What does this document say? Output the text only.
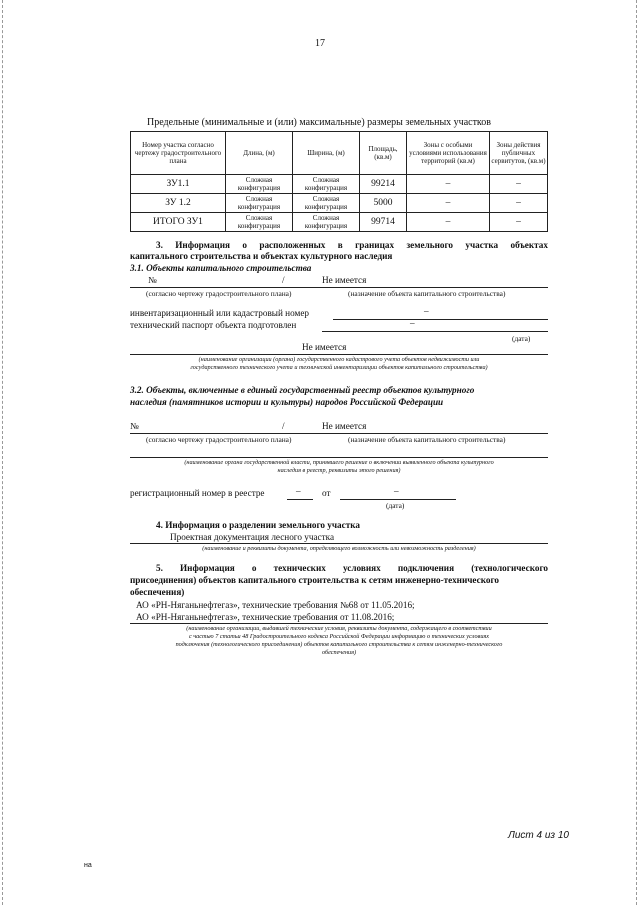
17
Предельные (минимальные и (или) максимальные) размеры земельных участков
Номер участка согласно чертежу градостроительного плана	Длина, (м)	Ширина, (м)	Площадь, (кв.м)	Зоны с особыми условиями использования территорий (кв.м)	Зоны действия публичных сервитутов, (кв.м)
ЗУ1.1	Сложная конфигурация	Сложная конфигурация	99214	–	–
ЗУ 1.2	Сложная конфигурация	Сложная конфигурация	5000	–	–
ИТОГО ЗУ1	Сложная конфигурация	Сложная конфигурация	99714	–	–
3. Информация о расположенных в границах земельного участка объектах
капитального строительства и объектах культурного наследия
3.1. Объекты капитального строительства
№	/	Не имеется
(согласно чертежу градостроительного плана)	(назначение объекта капитального строительства)
инвентаризационный или кадастровый номер	–
технический паспорт объекта подготовлен	–
(дата)
Не имеется
(наименование организации (органа) государственного кадастрового учета объектов недвижимости или
государственного технического учета и технической инвентаризации объектов капитального строительства)
3.2. Объекты, включенные в единый государственный реестр объектов культурного
наследия (памятников истории и культуры) народов Российской Федерации
№	/	Не имеется
(согласно чертежу градостроительного плана)	(назначение объекта капитального строительства)
(наименование органа государственной власти, принявшего решение о включении выявленного объекта культурного
наследия в реестр, реквизиты этого решения)
регистрационный номер в реестре	– от	–
(дата)
4. Информация о разделении земельного участка
Проектная документация лесного участка
(наименование и реквизиты документа, определяющего возможность или невозможность разделения)
5. Информация о технических условиях подключения (технологического
присоединения) объектов капитального строительства к сетям инженерно-технического
обеспечения)
АО «РН-Няганьнефтегаз», технические требования №68 от 11.05.2016;
АО «РН-Няганьнефтегаз», технические требования от 11.08.2016;
(наименование организации, выдавшей технические условия, реквизиты документа, содержащего в соответствии
с частью 7 статьи 48 Градостроительного кодекса Российской Федерации информацию о технических условиях
подключения (технологического присоединения) объектов капитального строительства к сетям инженерно-технического
обеспечения)
Лист 4 из 10
на
